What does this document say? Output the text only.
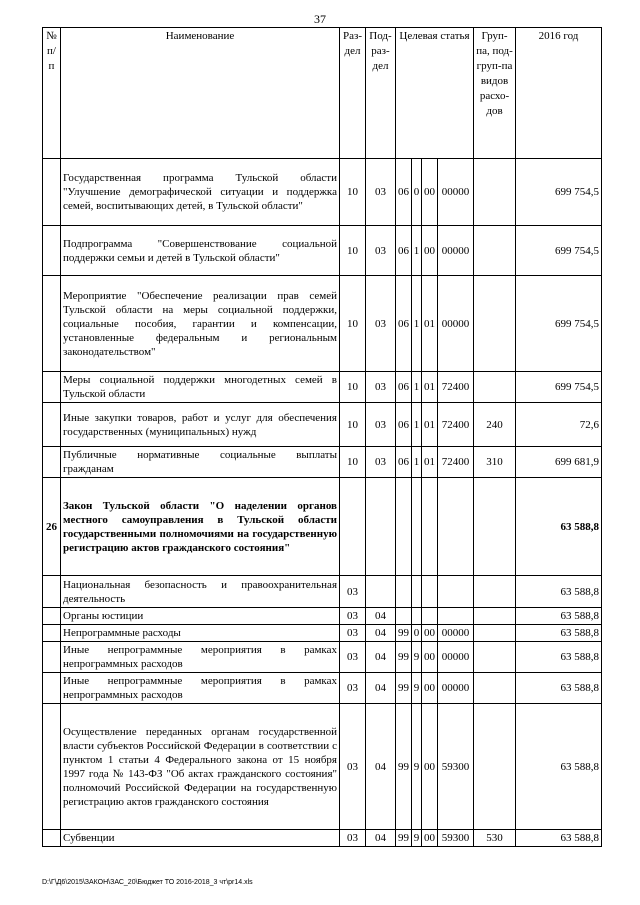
37
№ п/п	Наименование	Раз-дел	Под-раз-дел	Целевая статья				Груп-па, под-груп-па видов расхо-дов	2016 год
	Государственная программа Тульской области "Улучшение демографической ситуации и поддержка семей, воспитывающих детей, в Тульской области"	10	03	06	0	00	00000		699 754,5
	Подпрограмма "Совершенствование социальной поддержки семьи и детей в Тульской области"	10	03	06	1	00	00000		699 754,5
	Мероприятие "Обеспечение реализации прав семей Тульской области на меры социальной поддержки, социальные пособия, гарантии и компенсации, установленные федеральным и региональным законодательством"	10	03	06	1	01	00000		699 754,5
	Меры социальной поддержки многодетных семей в Тульской области	10	03	06	1	01	72400		699 754,5
	Иные закупки товаров, работ и услуг для обеспечения государственных (муниципальных) нужд	10	03	06	1	01	72400	240	72,6
	Публичные нормативные социальные выплаты гражданам	10	03	06	1	01	72400	310	699 681,9
26	Закон Тульской области "О наделении органов местного самоуправления в Тульской области государственными полномочиями на государственную регистрацию актов гражданского состояния"								63 588,8
	Национальная безопасность и правоохранительная деятельность	03							63 588,8
	Органы юстиции	03	04						63 588,8
	Непрограммные расходы	03	04	99	0	00	00000		63 588,8
	Иные непрограммные мероприятия в рамках непрограммных расходов	03	04	99	9	00	00000		63 588,8
	Иные непрограммные мероприятия в рамках непрограммных расходов	03	04	99	9	00	00000		63 588,8
	Осуществление переданных органам государственной власти субъектов Российской Федерации в соответствии с пунктом 1 статьи 4 Федерального закона от 15 ноября 1997 года № 143-ФЗ "Об актах гражданского состояния" полномочий Российской Федерации на государственную регистрацию актов гражданского состояния	03	04	99	9	00	59300		63 588,8
	Субвенции	03	04	99	9	00	59300	530	63 588,8
D:\Г\Д6\2015\ЗАКОН\ЗАС_20\Бюджет ТО 2016-2018_3 чт\pr14.xls
